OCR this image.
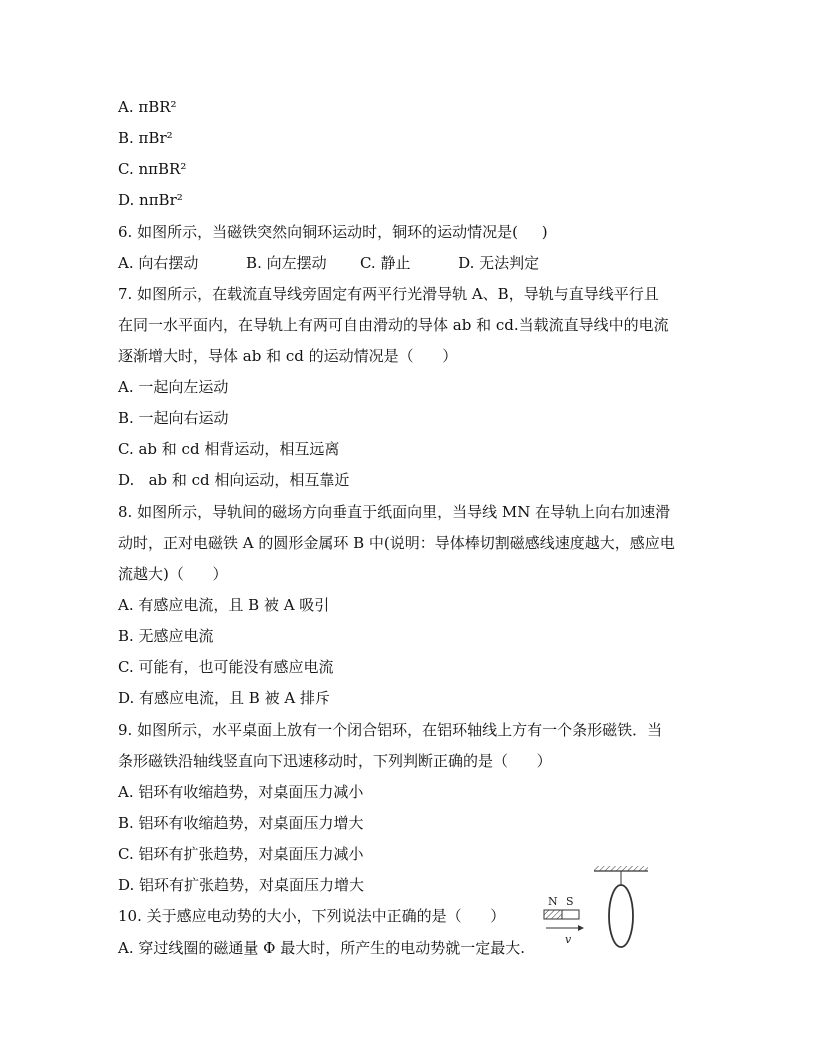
A. πBR²
B. πBr²
C. nπBR²
D. nπBr²
6. 如图所示，当磁铁突然向铜环运动时，铜环的运动情况是(     )
A. 向右摆动          B. 向左摆动       C. 静止          D. 无法判定
7. 如图所示，在载流直导线旁固定有两平行光滑导轨 A、B，导轨与直导线平行且
在同一水平面内，在导轨上有两可自由滑动的导体 ab 和 cd.当载流直导线中的电流
逐渐增大时，导体 ab 和 cd 的运动情况是（      ）
A. 一起向左运动
B. 一起向右运动
C. ab 和 cd 相背运动，相互远离
D.   ab 和 cd 相向运动，相互靠近
8. 如图所示，导轨间的磁场方向垂直于纸面向里，当导线 MN 在导轨上向右加速滑
动时，正对电磁铁 A 的圆形金属环 B 中(说明：导体棒切割磁感线速度越大，感应电
流越大)（      ）
A. 有感应电流，且 B 被 A 吸引
B. 无感应电流
C. 可能有，也可能没有感应电流
D. 有感应电流，且 B 被 A 排斥
9. 如图所示，水平桌面上放有一个闭合铝环，在铝环轴线上方有一个条形磁铁．当
条形磁铁沿轴线竖直向下迅速移动时，下列判断正确的是（      ）
A. 铝环有收缩趋势，对桌面压力减小
B. 铝环有收缩趋势，对桌面压力增大
C. 铝环有扩张趋势，对桌面压力减小
D. 铝环有扩张趋势，对桌面压力增大
10. 关于感应电动势的大小，下列说法中正确的是（      ）
A. 穿过线圈的磁通量 Φ 最大时，所产生的电动势就一定最大.
N S
v
